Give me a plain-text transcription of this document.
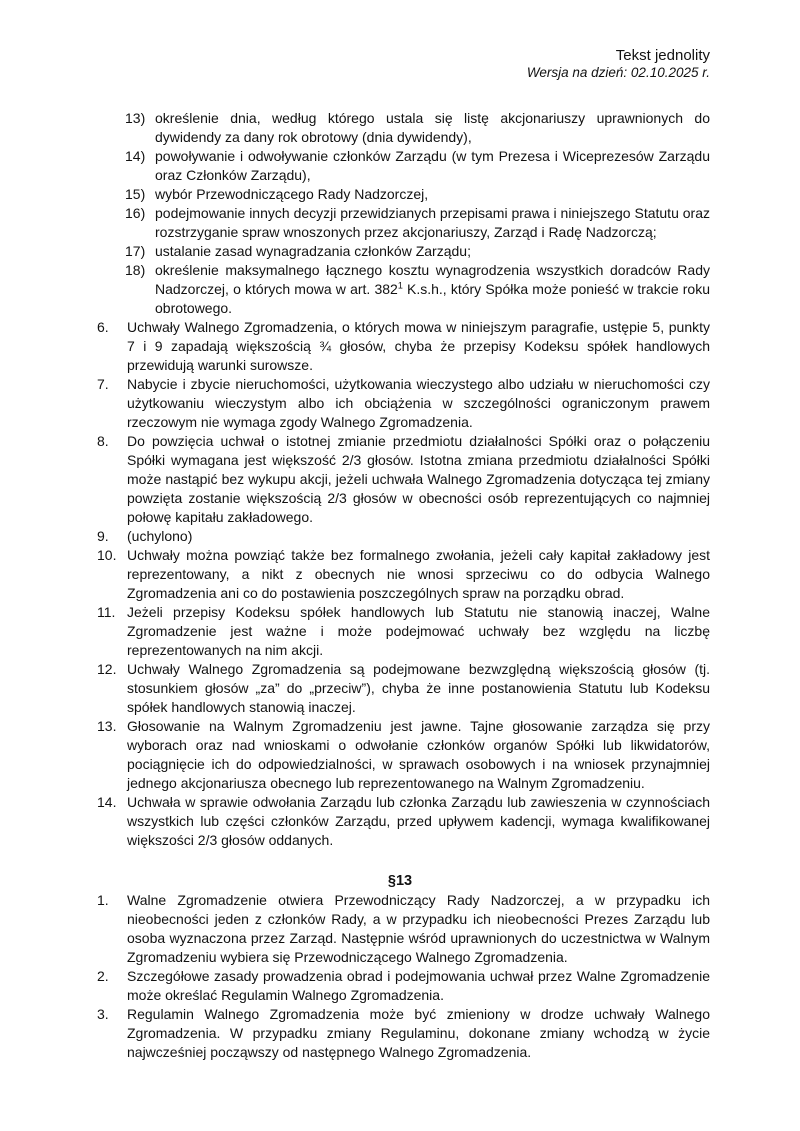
Tekst jednolity
Wersja na dzień: 02.10.2025 r.
13) określenie dnia, według którego ustala się listę akcjonariuszy uprawnionych do dywidendy za dany rok obrotowy (dnia dywidendy),
14) powoływanie i odwoływanie członków Zarządu (w tym Prezesa i Wiceprezesów Zarządu oraz Członków Zarządu),
15) wybór Przewodniczącego Rady Nadzorczej,
16) podejmowanie innych decyzji przewidzianych przepisami prawa i niniejszego Statutu oraz rozstrzyganie spraw wnoszonych przez akcjonariuszy, Zarząd i Radę Nadzorczą;
17) ustalanie zasad wynagradzania członków Zarządu;
18) określenie maksymalnego łącznego kosztu wynagrodzenia wszystkich doradców Rady Nadzorczej, o których mowa w art. $382^1$ K.s.h., który Spółka może ponieść w trakcie roku obrotowego.
6.	Uchwały Walnego Zgromadzenia, o których mowa w niniejszym paragrafie, ustępie 5, punkty 7 i 9 zapadają większością ¾ głosów, chyba że przepisy Kodeksu spółek handlowych przewidują warunki surowsze.
7.	Nabycie i zbycie nieruchomości, użytkowania wieczystego albo udziału w nieruchomości czy użytkowaniu wieczystym albo ich obciążenia w szczególności ograniczonym prawem rzeczowym nie wymaga zgody Walnego Zgromadzenia.
8.	Do powzięcia uchwał o istotnej zmianie przedmiotu działalności Spółki oraz o połączeniu Spółki wymagana jest większość 2/3 głosów. Istotna zmiana przedmiotu działalności Spółki może nastąpić bez wykupu akcji, jeżeli uchwała Walnego Zgromadzenia dotycząca tej zmiany powzięta zostanie większością 2/3 głosów w obecności osób reprezentujących co najmniej połowę kapitału zakładowego.
9.	(uchylono)
10. Uchwały można powziąć także bez formalnego zwołania, jeżeli cały kapitał zakładowy jest reprezentowany, a nikt z obecnych nie wnosi sprzeciwu co do odbycia Walnego Zgromadzenia ani co do postawienia poszczególnych spraw na porządku obrad.
11. Jeżeli przepisy Kodeksu spółek handlowych lub Statutu nie stanowią inaczej, Walne Zgromadzenie jest ważne i może podejmować uchwały bez względu na liczbę reprezentowanych na nim akcji.
12. Uchwały Walnego Zgromadzenia są podejmowane bezwzględną większością głosów (tj. stosunkiem głosów „za” do „przeciw”), chyba że inne postanowienia Statutu lub Kodeksu spółek handlowych stanowią inaczej.
13. Głosowanie na Walnym Zgromadzeniu jest jawne. Tajne głosowanie zarządza się przy wyborach oraz nad wnioskami o odwołanie członków organów Spółki lub likwidatorów, pociągnięcie ich do odpowiedzialności, w sprawach osobowych i na wniosek przynajmniej jednego akcjonariusza obecnego lub reprezentowanego na Walnym Zgromadzeniu.
14. Uchwała w sprawie odwołania Zarządu lub członka Zarządu lub zawieszenia w czynnościach wszystkich lub części członków Zarządu, przed upływem kadencji, wymaga kwalifikowanej większości 2/3 głosów oddanych.
§13
1.	Walne Zgromadzenie otwiera Przewodniczący Rady Nadzorczej, a w przypadku ich nieobecności jeden z członków Rady, a w przypadku ich nieobecności Prezes Zarządu lub osoba wyznaczona przez Zarząd. Następnie wśród uprawnionych do uczestnictwa w Walnym Zgromadzeniu wybiera się Przewodniczącego Walnego Zgromadzenia.
2.	Szczegółowe zasady prowadzenia obrad i podejmowania uchwał przez Walne Zgromadzenie może określać Regulamin Walnego Zgromadzenia.
3.	Regulamin Walnego Zgromadzenia może być zmieniony w drodze uchwały Walnego Zgromadzenia. W przypadku zmiany Regulaminu, dokonane zmiany wchodzą w życie najwcześniej począwszy od następnego Walnego Zgromadzenia.
